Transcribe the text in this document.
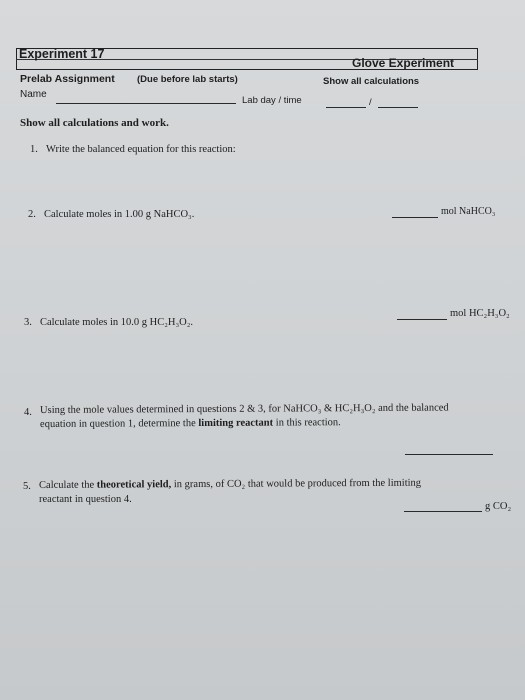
Experiment 17
Glove Experiment
Prelab Assignment (Due before lab starts)	Show all calculations
Name
Lab day / time	/
Show all calculations and work.
1. Write the balanced equation for this reaction:
2. Calculate moles in 1.00 g NaHCO₃.	mol NaHCO₃
3. Calculate moles in 10.0 g HC₂H₃O₂.
mol HC₂H₃O₂
4. Using the mole values determined in questions 2 & 3, for NaHCO₃ & HC₂H₃O₂ and the balanced
equation in question 1, determine the limiting reactant in this reaction.
5. Calculate the theoretical yield, in grams, of CO₂ that would be produced from the limiting
reactant in question 4.
g CO₂
